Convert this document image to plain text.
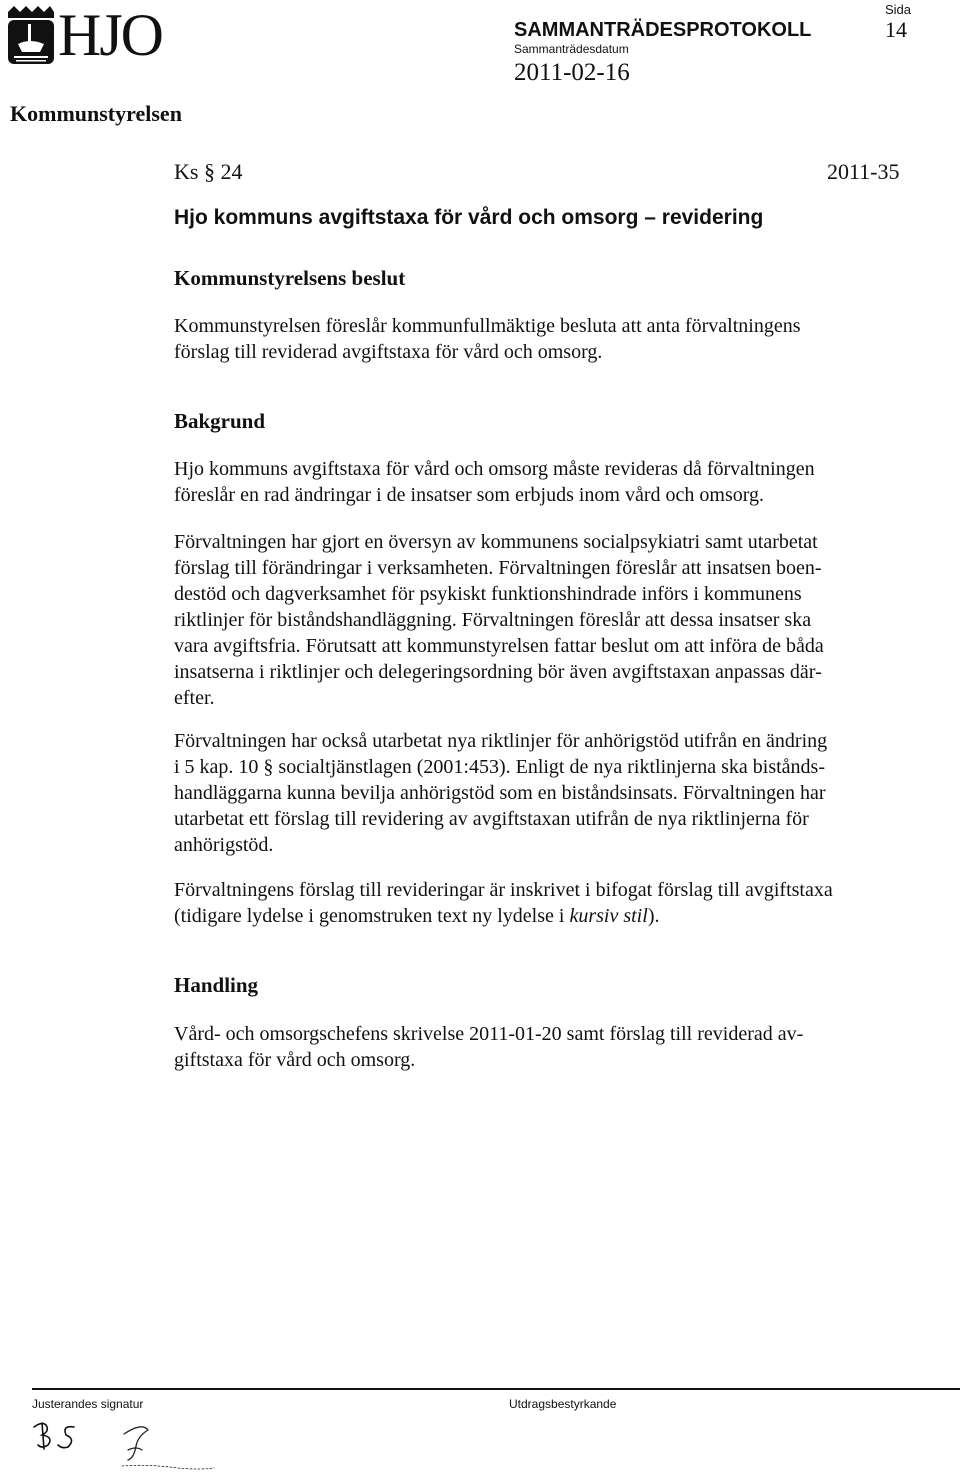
HJO	SAMMANTRÄDESPROTOKOLL
Sammanträdesdatum
2011-02-16
Sida
14
Kommunstyrelsen
Ks § 24	2011-35
Hjo kommuns avgiftstaxa för vård och omsorg – revidering
Kommunstyrelsens beslut
Kommunstyrelsen föreslår kommunfullmäktige besluta att anta förvaltningens
förslag till reviderad avgiftstaxa för vård och omsorg.
Bakgrund
Hjo kommuns avgiftstaxa för vård och omsorg måste revideras då förvaltningen
föreslår en rad ändringar i de insatser som erbjuds inom vård och omsorg.
Förvaltningen har gjort en översyn av kommunens socialpsykiatri samt utarbetat
förslag till förändringar i verksamheten. Förvaltningen föreslår att insatsen boen-
destöd och dagverksamhet för psykiskt funktionshindrade införs i kommunens
riktlinjer för biståndshandläggning. Förvaltningen föreslår att dessa insatser ska
vara avgiftsfria. Förutsatt att kommunstyrelsen fattar beslut om att införa de båda
insatserna i riktlinjer och delegeringsordning bör även avgiftstaxan anpassas där-
efter.
Förvaltningen har också utarbetat nya riktlinjer för anhörigstöd utifrån en ändring
i 5 kap. 10 § socialtjänstlagen (2001:453). Enligt de nya riktlinjerna ska bistånds-
handläggarna kunna bevilja anhörigstöd som en biståndsinsats. Förvaltningen har
utarbetat ett förslag till revidering av avgiftstaxan utifrån de nya riktlinjerna för
anhörigstöd.
Förvaltningens förslag till revideringar är inskrivet i bifogat förslag till avgiftstaxa
(tidigare lydelse i genomstruken text ny lydelse i kursiv stil).
Handling
Vård- och omsorgschefens skrivelse 2011-01-20 samt förslag till reviderad av-
giftstaxa för vård och omsorg.
Justerandes signatur	Utdragsbestyrkande
